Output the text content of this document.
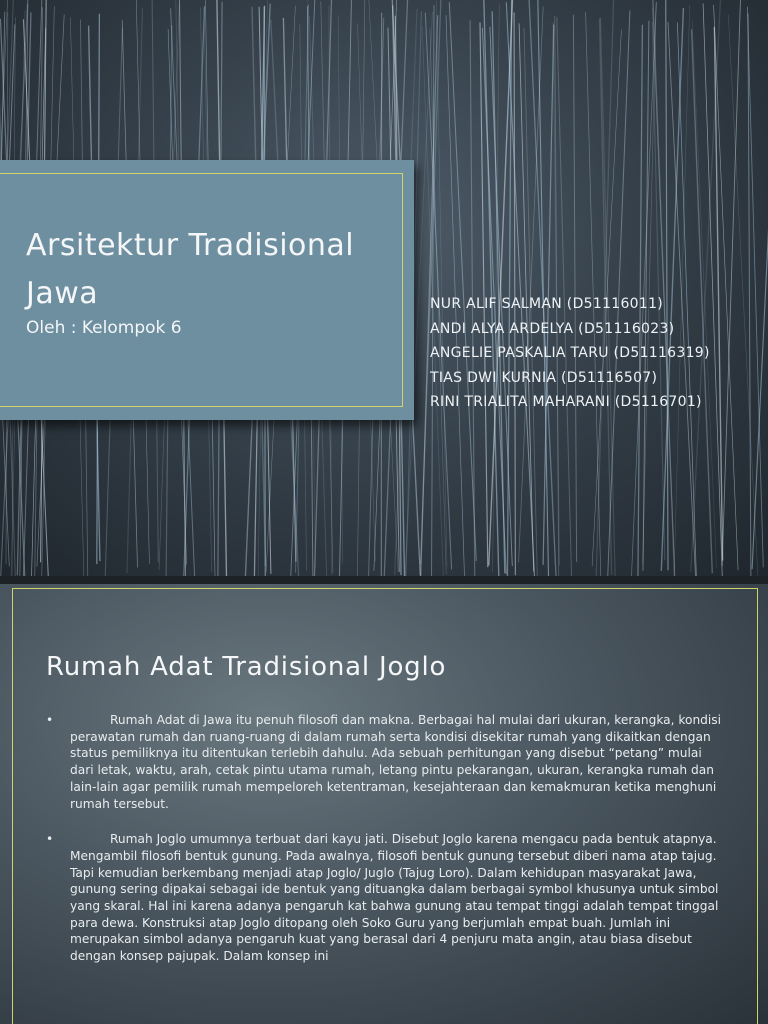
Arsitektur Tradisional Jawa
Oleh : Kelompok 6
NUR ALIF SALMAN (D51116011)
ANDI ALYA ARDELYA (D51116023)
ANGELIE PASKALIA TARU (D51116319)
TIAS DWI KURNIA (D51116507)
RINI TRIALITA MAHARANI (D5116701)
Rumah Adat Tradisional Joglo
•	Rumah Adat di Jawa itu penuh filosofi dan makna. Berbagai hal mulai dari ukuran, kerangka, kondisi perawatan rumah dan ruang-ruang di dalam rumah serta kondisi disekitar rumah yang dikaitkan dengan status pemiliknya itu ditentukan terlebih dahulu. Ada sebuah perhitungan yang disebut “petang” mulai dari letak, waktu, arah, cetak pintu utama rumah, letang pintu pekarangan, ukuran, kerangka rumah dan lain-lain agar pemilik rumah mempeloreh ketentraman, kesejahteraan dan kemakmuran ketika menghuni rumah tersebut.
•	Rumah Joglo umumnya terbuat dari kayu jati. Disebut Joglo karena mengacu pada bentuk atapnya. Mengambil filosofi bentuk gunung. Pada awalnya, filosofi bentuk gunung tersebut diberi nama atap tajug. Tapi kemudian berkembang menjadi atap Joglo/ Juglo (Tajug Loro). Dalam kehidupan masyarakat Jawa, gunung sering dipakai sebagai ide bentuk yang dituangka dalam berbagai symbol khusunya untuk simbol yang skaral. Hal ini karena adanya pengaruh kat bahwa gunung atau tempat tinggi adalah tempat tinggal para dewa. Konstruksi atap Joglo ditopang oleh Soko Guru yang berjumlah empat buah. Jumlah ini merupakan simbol adanya pengaruh kuat yang berasal dari 4 penjuru mata angin, atau biasa disebut dengan konsep pajupak. Dalam konsep ini
